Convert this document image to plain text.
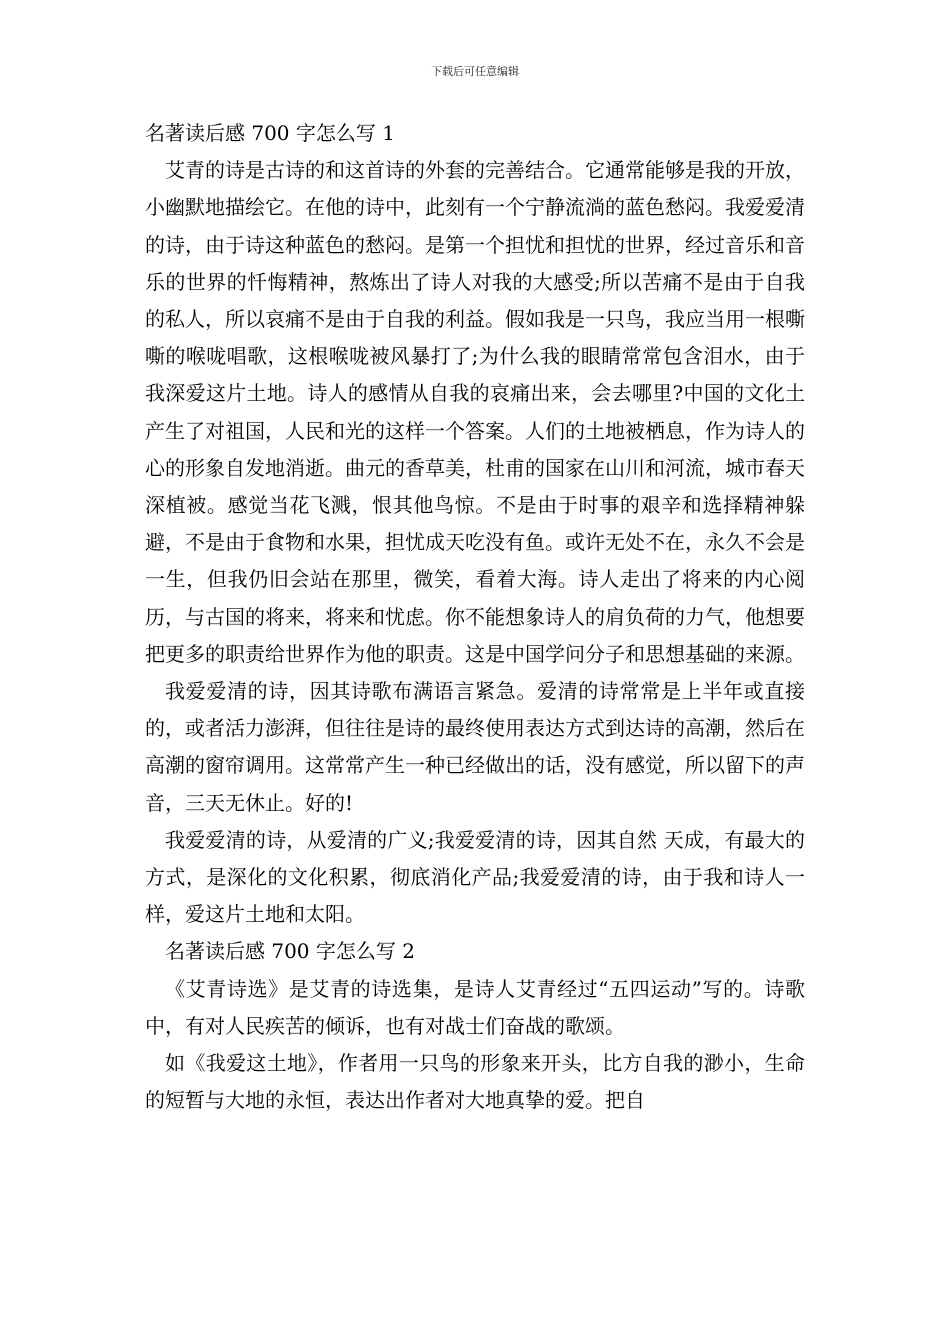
下载后可任意编辑

名著读后感 700 字怎么写 1

艾青的诗是古诗的和这首诗的外套的完善结合。它通常能够是我的开放，小幽默地描绘它。在他的诗中，此刻有一个宁静流淌的蓝色愁闷。我爱爱清的诗，由于诗这种蓝色的愁闷。是第一个担忧和担忧的世界，经过音乐和音乐的世界的忏悔精神，熬炼出了诗人对我的大感受;所以苦痛不是由于自我的私人，所以哀痛不是由于自我的利益。假如我是一只鸟，我应当用一根嘶嘶的喉咙唱歌，这根喉咙被风暴打了;为什么我的眼睛常常包含泪水，由于我深爱这片土地。诗人的感情从自我的哀痛出来，会去哪里?中国的文化土产生了对祖国，人民和光的这样一个答案。人们的土地被栖息，作为诗人的心的形象自发地消逝。曲元的香草美，杜甫的国家在山川和河流，城市春天深植被。感觉当花飞溅，恨其他鸟惊。不是由于时事的艰辛和选择精神躲避，不是由于食物和水果，担忧成天吃没有鱼。或许无处不在，永久不会是一生，但我仍旧会站在那里，微笑，看着大海。诗人走出了将来的内心阅历，与古国的将来，将来和忧虑。你不能想象诗人的肩负荷的力气，他想要把更多的职责给世界作为他的职责。这是中国学问分子和思想基础的来源。

我爱爱清的诗，因其诗歌布满语言紧急。爱清的诗常常是上半年或直接的，或者活力澎湃，但往往是诗的最终使用表达方式到达诗的高潮，然后在高潮的窗帘调用。这常常产生一种已经做出的话，没有感觉，所以留下的声音，三天无休止。好的!

我爱爱清的诗，从爱清的广义;我爱爱清的诗，因其自然 天成，有最大的方式，是深化的文化积累，彻底消化产品;我爱爱清的诗，由于我和诗人一样，爱这片土地和太阳。

名著读后感 700 字怎么写 2

《艾青诗选》是艾青的诗选集，是诗人艾青经过“五四运动”写的。诗歌中，有对人民疾苦的倾诉，也有对战士们奋战的歌颂。

如《我爱这土地》，作者用一只鸟的形象来开头，比方自我的渺小，生命的短暂与大地的永恒，表达出作者对大地真挚的爱。把自
